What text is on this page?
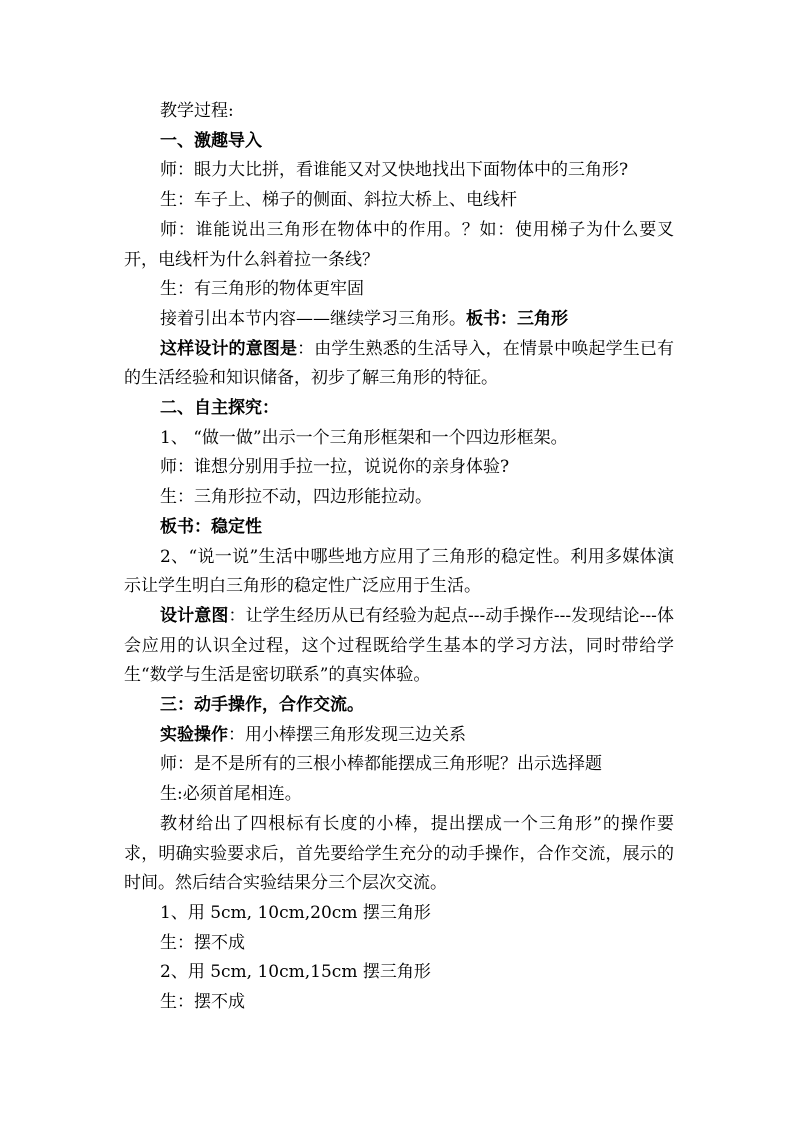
教学过程:

一、激趣导入

师：眼力大比拼，看谁能又对又快地找出下面物体中的三角形?

生：车子上、梯子的侧面、斜拉大桥上、电线杆

师：谁能说出三角形在物体中的作用。？如：使用梯子为什么要叉开，电线杆为什么斜着拉一条线？

生：有三角形的物体更牢固

接着引出本节内容——继续学习三角形。板书：三角形

这样设计的意图是：由学生熟悉的生活导入，在情景中唤起学生已有的生活经验和知识储备，初步了解三角形的特征。

二、自主探究：

1、 “做一做”出示一个三角形框架和一个四边形框架。

师：谁想分别用手拉一拉，说说你的亲身体验?

生：三角形拉不动，四边形能拉动。

板书：稳定性

2、“说一说”生活中哪些地方应用了三角形的稳定性。利用多媒体演示让学生明白三角形的稳定性广泛应用于生活。

设计意图：让学生经历从已有经验为起点---动手操作---发现结论---体会应用的认识全过程，这个过程既给学生基本的学习方法，同时带给学生“数学与生活是密切联系”的真实体验。

三：动手操作，合作交流。

实验操作：用小棒摆三角形发现三边关系

师：是不是所有的三根小棒都能摆成三角形呢？出示选择题

生:必须首尾相连。

教材给出了四根标有长度的小棒，提出摆成一个三角形”的操作要求，明确实验要求后，首先要给学生充分的动手操作，合作交流，展示的时间。然后结合实验结果分三个层次交流。

1、用 5cm, 10cm,20cm 摆三角形

生：摆不成

2、用 5cm, 10cm,15cm 摆三角形

生：摆不成
